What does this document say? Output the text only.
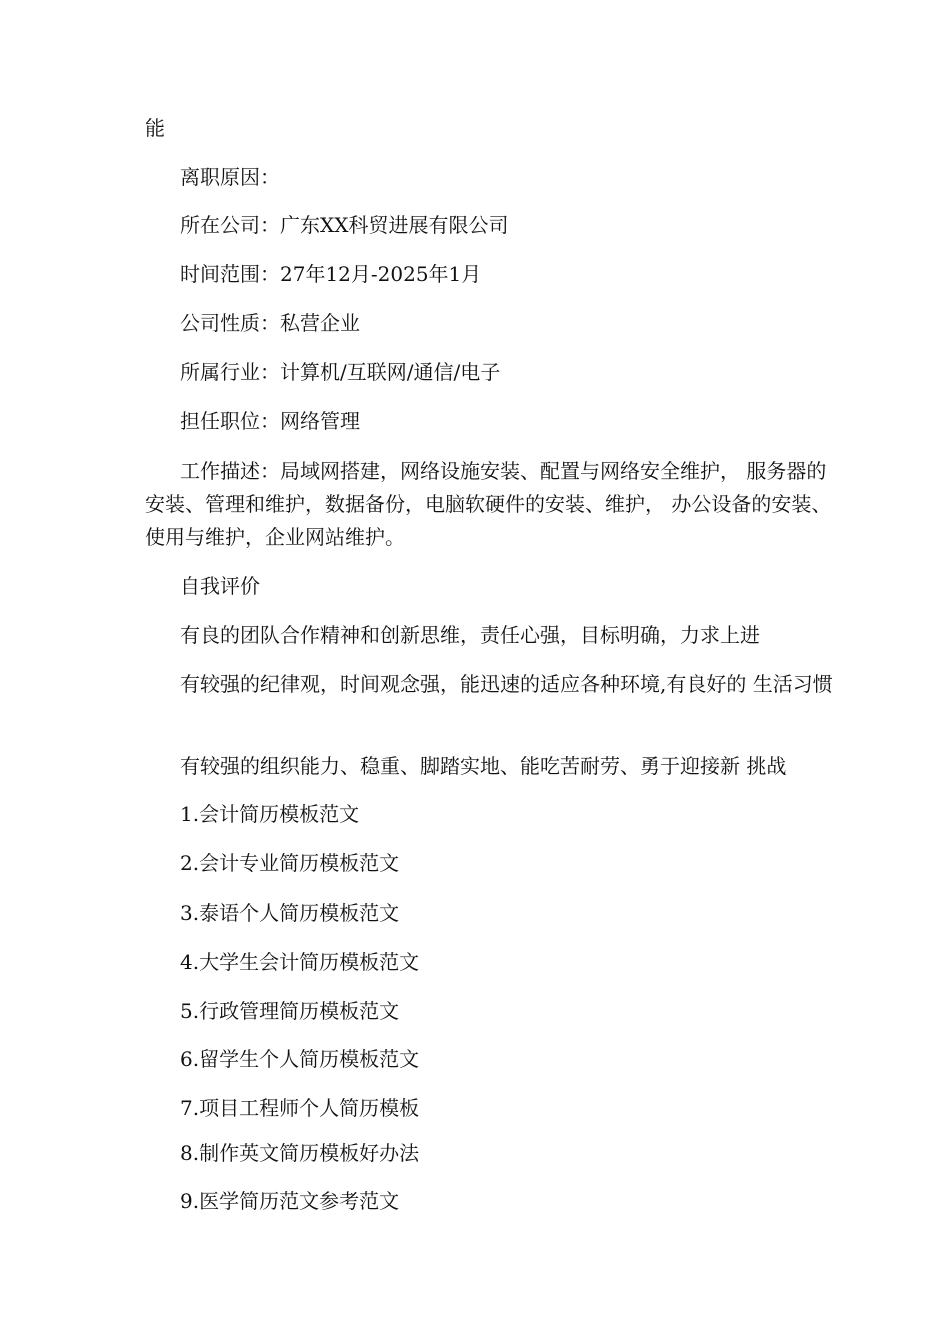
能
离职原因：
所在公司：广东XX科贸进展有限公司
时间范围：27年12月-2025年1月
公司性质：私营企业
所属行业：计算机/互联网/通信/电子
担任职位：网络管理
工作描述：局域网搭建，网络设施安装、配置与网络安全维护， 服务器的安装、管理和维护，数据备份，电脑软硬件的安装、维护， 办公设备的安装、使用与维护，企业网站维护。
自我评价
有良的团队合作精神和创新思维，责任心强，目标明确，力求上进
有较强的纪律观，时间观念强，能迅速的适应各种环境,有良好的 生活习惯
有较强的组织能力、稳重、脚踏实地、能吃苦耐劳、勇于迎接新 挑战
1.会计简历模板范文
2.会计专业简历模板范文
3.泰语个人简历模板范文
4.大学生会计简历模板范文
5.行政管理简历模板范文
6.留学生个人简历模板范文
7.项目工程师个人简历模板
8.制作英文简历模板好办法
9.医学简历范文参考范文
